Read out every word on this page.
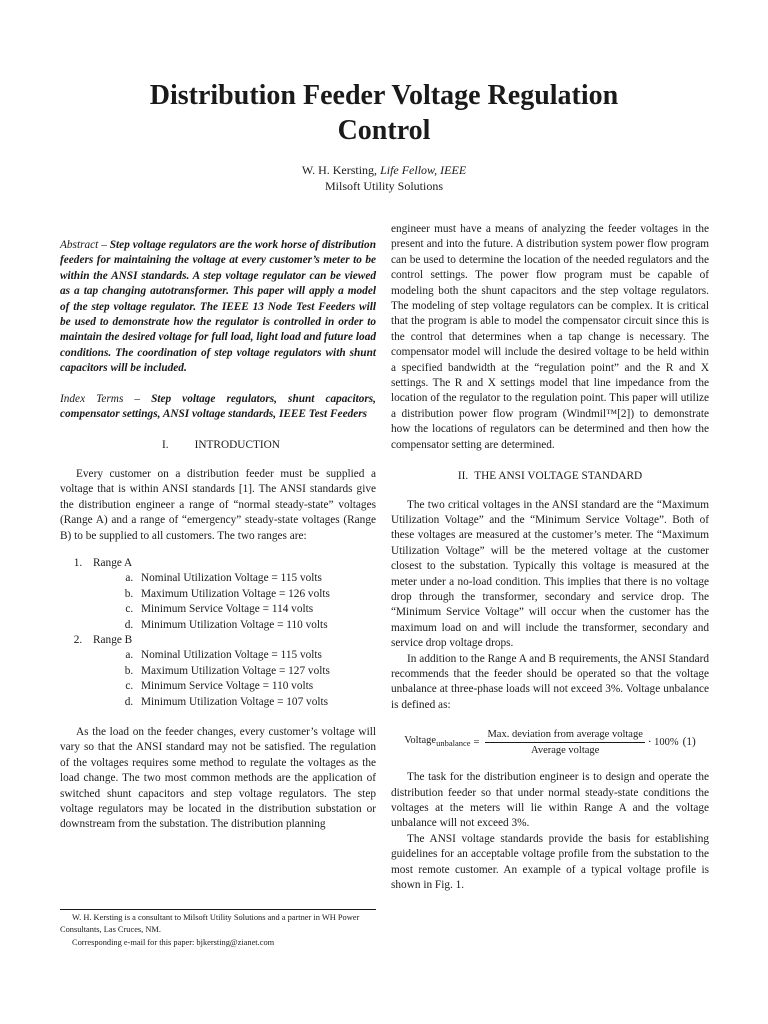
Distribution Feeder Voltage Regulation
Control
W. H. Kersting, Life Fellow, IEEE
Milsoft Utility Solutions

Abstract – Step voltage regulators are the work horse of distribution feeders for maintaining the voltage at every customer’s meter to be within the ANSI standards. A step voltage regulator can be viewed as a tap changing autotransformer. This paper will apply a model of the step voltage regulator. The IEEE 13 Node Test Feeders will be used to demonstrate how the regulator is controlled in order to maintain the desired voltage for full load, light load and future load conditions. The coordination of step voltage regulators with shunt capacitors will be included.

Index Terms – Step voltage regulators, shunt capacitors, compensator settings, ANSI voltage standards, IEEE Test Feeders

I. INTRODUCTION

Every customer on a distribution feeder must be supplied a voltage that is within ANSI standards [1]. The ANSI standards give the distribution engineer a range of “normal steady-state” voltages (Range A) and a range of “emergency” steady-state voltages (Range B) to be supplied to all customers. The two ranges are:

1. Range A
a. Nominal Utilization Voltage = 115 volts
b. Maximum Utilization Voltage = 126 volts
c. Minimum Service Voltage = 114 volts
d. Minimum Utilization Voltage = 110 volts
2. Range B
a. Nominal Utilization Voltage = 115 volts
b. Maximum Utilization Voltage = 127 volts
c. Minimum Service Voltage = 110 volts
d. Minimum Utilization Voltage = 107 volts

As the load on the feeder changes, every customer’s voltage will vary so that the ANSI standard may not be satisfied. The regulation of the voltages requires some method to regulate the voltages as the load change. The two most common methods are the application of switched shunt capacitors and step voltage regulators. The step voltage regulators may be located in the distribution substation or downstream from the substation. The distribution planning

engineer must have a means of analyzing the feeder voltages in the present and into the future. A distribution system power flow program can be used to determine the location of the needed regulators and the control settings. The power flow program must be capable of modeling both the shunt capacitors and the step voltage regulators. The modeling of step voltage regulators can be complex. It is critical that the program is able to model the compensator circuit since this is the control that determines when a tap change is necessary. The compensator model will include the desired voltage to be held within a specified bandwidth at the “regulation point” and the R and X settings. The R and X settings model that line impedance from the location of the regulator to the regulation point. This paper will utilize a distribution power flow program (Windmil™[2]) to demonstrate how the locations of regulators can be determined and then how the compensator setting are determined.

II. THE ANSI VOLTAGE STANDARD

The two critical voltages in the ANSI standard are the “Maximum Utilization Voltage” and the “Minimum Service Voltage”. Both of these voltages are measured at the customer’s meter. The “Maximum Utilization Voltage” will be the metered voltage at the customer closest to the substation. Typically this voltage is measured at the meter under a no-load condition. This implies that there is no voltage drop through the transformer, secondary and service drop. The “Minimum Service Voltage” will occur when the customer has the maximum load on and will include the transformer, secondary and service drop voltage drops.

In addition to the Range A and B requirements, the ANSI Standard recommends that the feeder should be operated so that the voltage unbalance at three-phase loads will not exceed 3%. Voltage unbalance is defined as:

Voltage$_{unbalance}$ = $\frac{\text{Max. deviation from average voltage}}{\text{Average voltage}} \cdot 100\%$ (1)

The task for the distribution engineer is to design and operate the distribution feeder so that under normal steady-state conditions the voltages at the meters will lie within Range A and the voltage unbalance will not exceed 3%.

The ANSI voltage standards provide the basis for establishing guidelines for an acceptable voltage profile from the substation to the most remote customer. An example of a typical voltage profile is shown in Fig. 1.

W. H. Kersting is a consultant to Milsoft Utility Solutions and a partner in WH Power Consultants, Las Cruces, NM.

Corresponding e-mail for this paper: bjkersting@zianet.com
